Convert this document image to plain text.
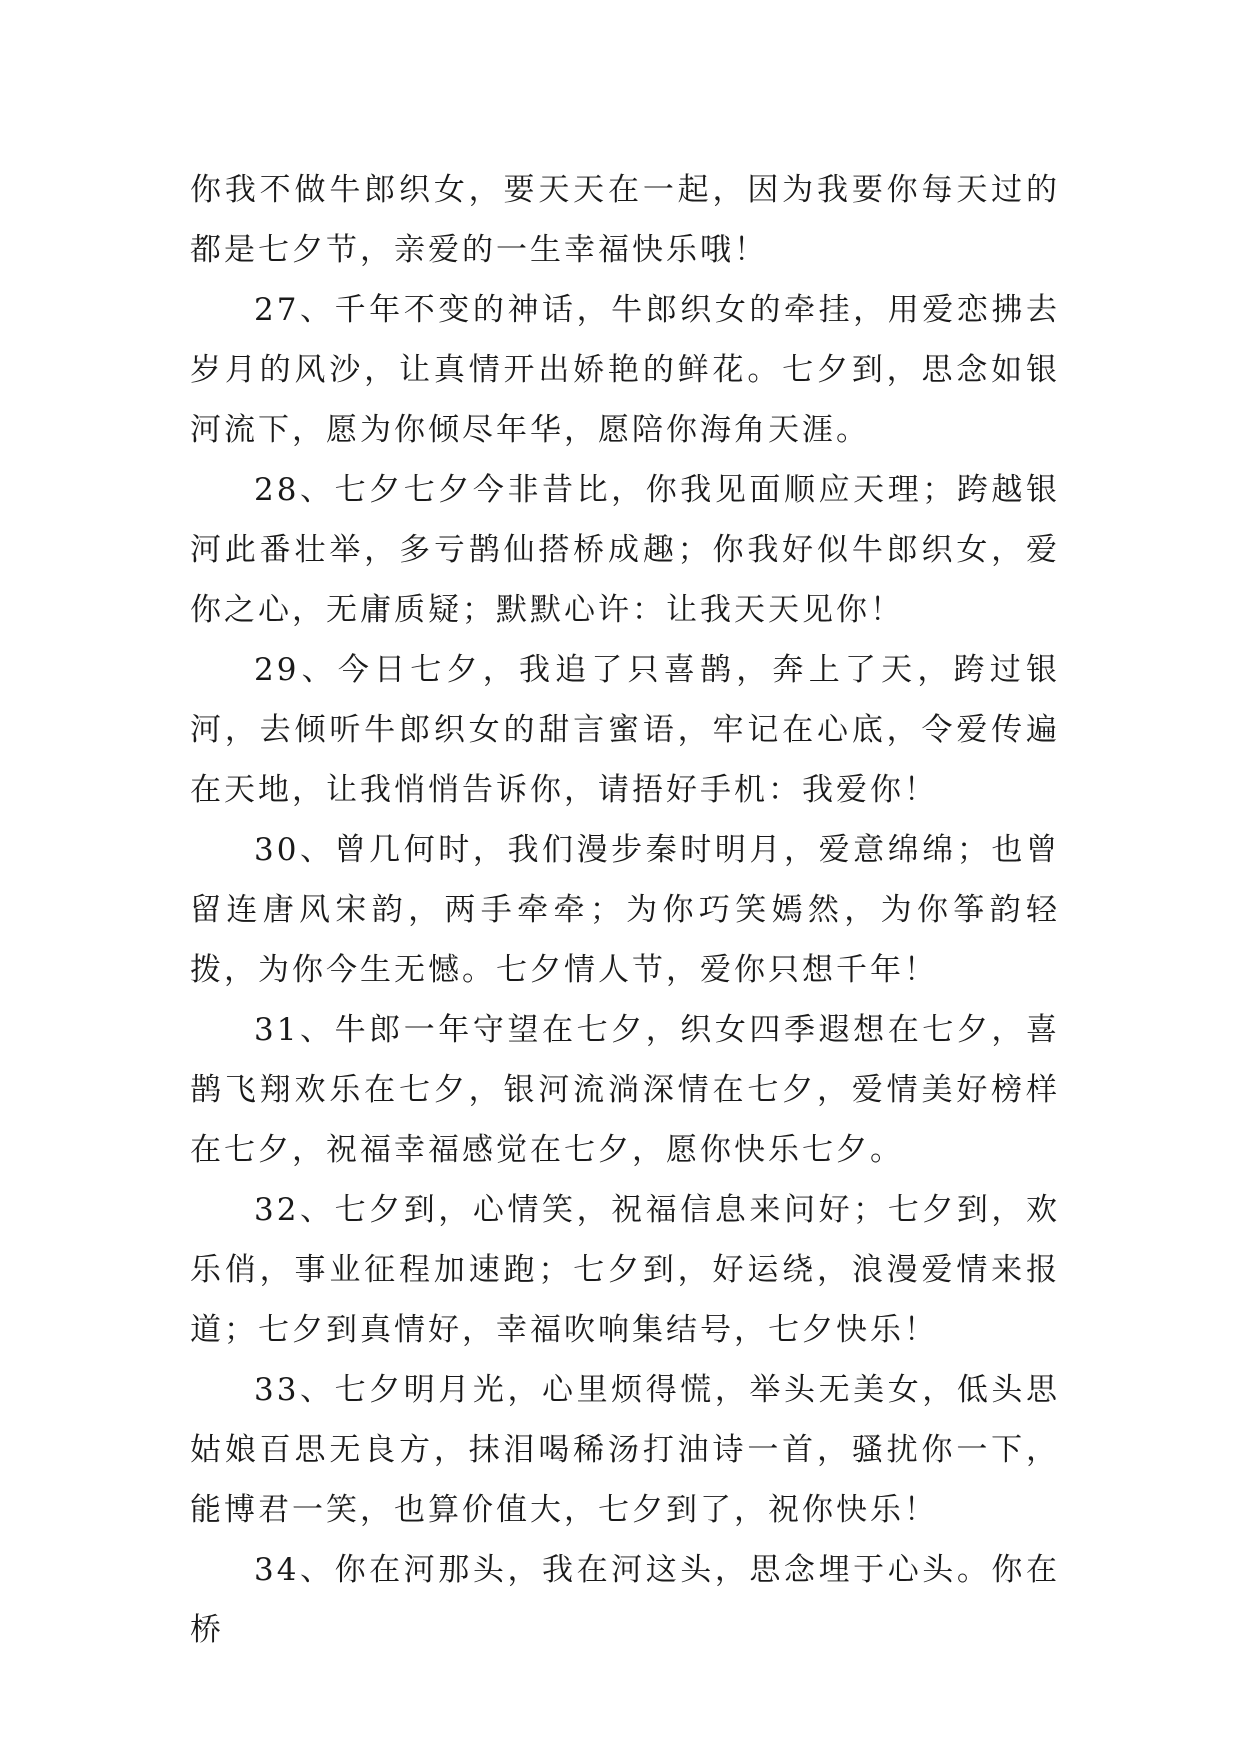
你我不做牛郎织女，要天天在一起，因为我要你每天过的都是七夕节，亲爱的一生幸福快乐哦！

27、千年不变的神话，牛郎织女的牵挂，用爱恋拂去岁月的风沙，让真情开出娇艳的鲜花。七夕到，思念如银河流下，愿为你倾尽年华，愿陪你海角天涯。

28、七夕七夕今非昔比，你我见面顺应天理；跨越银河此番壮举，多亏鹊仙搭桥成趣；你我好似牛郎织女，爱你之心，无庸质疑；默默心许：让我天天见你！

29、今日七夕，我追了只喜鹊，奔上了天，跨过银河，去倾听牛郎织女的甜言蜜语，牢记在心底，令爱传遍在天地，让我悄悄告诉你，请捂好手机：我爱你！

30、曾几何时，我们漫步秦时明月，爱意绵绵；也曾留连唐风宋韵，两手牵牵；为你巧笑嫣然，为你筝韵轻拨，为你今生无憾。七夕情人节，爱你只想千年！

31、牛郎一年守望在七夕，织女四季遐想在七夕，喜鹊飞翔欢乐在七夕，银河流淌深情在七夕，爱情美好榜样在七夕，祝福幸福感觉在七夕，愿你快乐七夕。

32、七夕到，心情笑，祝福信息来问好；七夕到，欢乐俏，事业征程加速跑；七夕到，好运绕，浪漫爱情来报道；七夕到真情好，幸福吹响集结号，七夕快乐！

33、七夕明月光，心里烦得慌，举头无美女，低头思姑娘百思无良方，抹泪喝稀汤打油诗一首，骚扰你一下，能博君一笑，也算价值大，七夕到了，祝你快乐！

34、你在河那头，我在河这头，思念埋于心头。你在桥
